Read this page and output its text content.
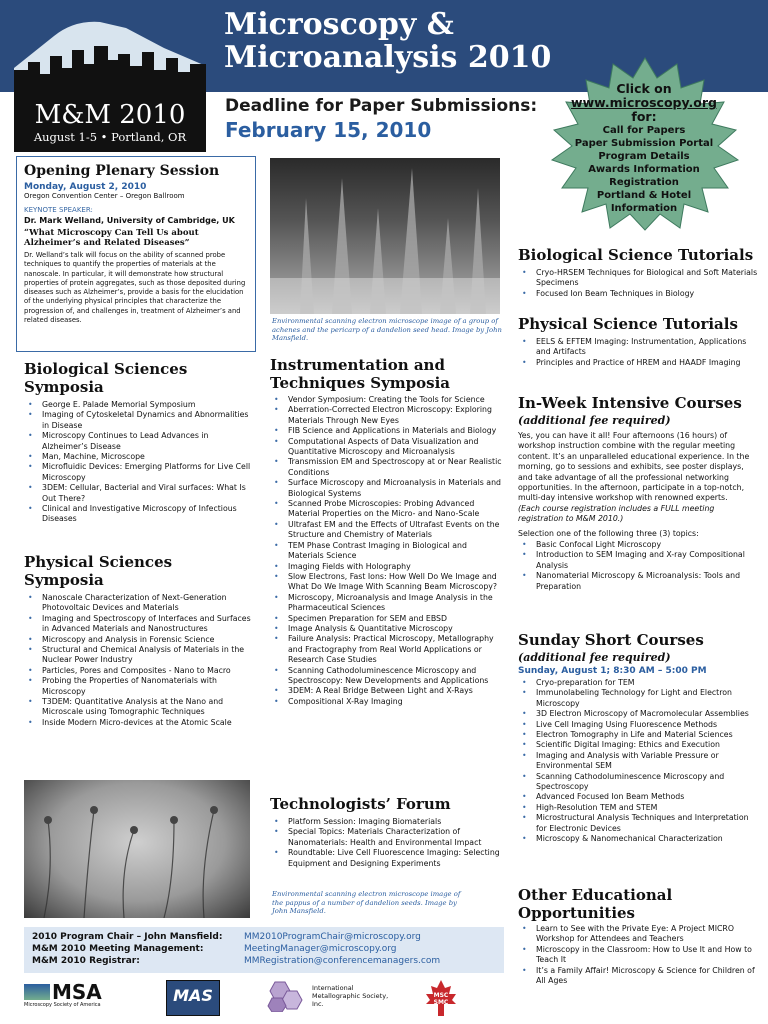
Microscopy &
Microanalysis 2010
M&M 2010
August 1-5 • Portland, OR
Deadline for Paper Submissions:
February 15, 2010
Click on
www.microscopy.org
for:
Call for Papers
Paper Submission Portal
Program Details
Awards Information
Registration
Portland & Hotel
Information
Opening Plenary Session
Monday, August 2, 2010
Oregon Convention Center – Oregon Ballroom
KEYNOTE SPEAKER:
Dr. Mark Welland, University of Cambridge, UK
“What Microscopy Can Tell Us about Alzheimer’s and Related Diseases”
Dr. Welland’s talk will focus on the ability of scanned probe techniques to quantify the properties of materials at the nanoscale. In particular, it will demonstrate how structural properties of protein aggregates, such as those deposited during diseases such as Alzheimer’s, provide a basis for the elucidation of the underlying physical principles that characterize the progression of, and challenges in, treatment of Alzheimer’s and related diseases.	Environmental scanning electron microscope image of a group of achenes and the pericarp of a dandelion seed head. Image by John Mansfield.
Biological Sciences Symposia
• George E. Palade Memorial Symposium
• Imaging of Cytoskeletal Dynamics and Abnormalities in Disease
• Microscopy Continues to Lead Advances in Alzheimer’s Disease
• Man, Machine, Microscope
• Microfluidic Devices: Emerging Platforms for Live Cell Microscopy
• 3DEM: Cellular, Bacterial and Viral surfaces: What Is Out There?
• Clinical and Investigative Microscopy of Infectious Diseases
Physical Sciences Symposia
• Nanoscale Characterization of Next-Generation Photovoltaic Devices and Materials
• Imaging and Spectroscopy of Interfaces and Surfaces in Advanced Materials and Nanostructures
• Microscopy and Analysis in Forensic Science
• Structural and Chemical Analysis of Materials in the Nuclear Power Industry
• Particles, Pores and Composites - Nano to Macro
• Probing the Properties of Nanomaterials with Microscopy
• T3DEM: Quantitative Analysis at the Nano and Microscale using Tomographic Techniques
• Inside Modern Micro-devices at the Atomic Scale
Instrumentation and Techniques Symposia
• Vendor Symposium: Creating the Tools for Science
• Aberration-Corrected Electron Microscopy: Exploring Materials Through New Eyes
• FIB Science and Applications in Materials and Biology
• Computational Aspects of Data Visualization and Quantitative Microscopy and Microanalysis
• Transmission EM and Spectroscopy at or Near Realistic Conditions
• Surface Microscopy and Microanalysis in Materials and Biological Systems
• Scanned Probe Microscopies: Probing Advanced Material Properties on the Micro- and Nano-Scale
• Ultrafast EM and the Effects of Ultrafast Events on the Structure and Chemistry of Materials
• TEM Phase Contrast Imaging in Biological and Materials Science
• Imaging Fields with Holography
• Slow Electrons, Fast Ions: How Well Do We Image and What Do We Image With Scanning Beam Microscopy?
• Microscopy, Microanalysis and Image Analysis in the Pharmaceutical Sciences
• Specimen Preparation for SEM and EBSD
• Image Analysis & Quantitative Microscopy
• Failure Analysis: Practical Microscopy, Metallography and Fractography from Real World Applications or Research Case Studies
• Scanning Cathodoluminescence Microscopy and Spectroscopy: New Developments and Applications
• 3DEM: A Real Bridge Between Light and X-Rays
• Compositional X-Ray Imaging
Technologists’ Forum
• Platform Session: Imaging Biomaterials
• Special Topics: Materials Characterization of Nanomaterials: Health and Environmental Impact
• Roundtable: Live Cell Fluorescence Imaging: Selecting Equipment and Designing Experiments
Environmental scanning electron microscope image of the pappus of a number of dandelion seeds. Image by John Mansfield.
Biological Science Tutorials
• Cryo-HRSEM Techniques for Biological and Soft Materials Specimens
• Focused Ion Beam Techniques in Biology
Physical Science Tutorials
• EELS & EFTEM Imaging: Instrumentation, Applications and Artifacts
• Principles and Practice of HREM and HAADF Imaging
In-Week Intensive Courses
(additional fee required)
Yes, you can have it all! Four afternoons (16 hours) of workshop instruction combine with the regular meeting content. It’s an unparalleled educational experience. In the morning, go to sessions and exhibits, see poster displays, and take advantage of all the professional networking opportunities. In the afternoon, participate in a top-notch, multi-day intensive workshop with renowned experts.
(Each course registration includes a FULL meeting registration to M&M 2010.)
Selection one of the following three (3) topics:
• Basic Confocal Light Microscopy
• Introduction to SEM Imaging and X-ray Compositional Analysis
• Nanomaterial Microscopy & Microanalysis: Tools and Preparation
Sunday Short Courses
(additional fee required)
Sunday, August 1; 8:30 AM – 5:00 PM
• Cryo-preparation for TEM
• Immunolabeling Technology for Light and Electron Microscopy
• 3D Electron Microscopy of Macromolecular Assemblies
• Live Cell Imaging Using Fluorescence Methods
• Electron Tomography in Life and Material Sciences
• Scientific Digital Imaging: Ethics and Execution
• Imaging and Analysis with Variable Pressure or Environmental SEM
• Scanning Cathodoluminescence Microscopy and Spectroscopy
• Advanced Focused Ion Beam Methods
• High-Resolution TEM and STEM
• Microstructural Analysis Techniques and Interpretation for Electronic Devices
• Microscopy & Nanomechanical Characterization
Other Educational Opportunities
• Learn to See with the Private Eye: A Project MICRO Workshop for Attendees and Teachers
• Microscopy in the Classroom: How to Use It and How to Teach It
• It’s a Family Affair! Microscopy & Science for Children of All Ages
2010 Program Chair – John Mansfield:	MM2010ProgramChair@microscopy.org
M&M 2010 Meeting Management:	MeetingManager@microscopy.org
M&M 2010 Registrar:	MMRegistration@conferencemanagers.com
MSA
Microscopy Society of America	MAS	International Metallographic Society, Inc.
MSC SMC
